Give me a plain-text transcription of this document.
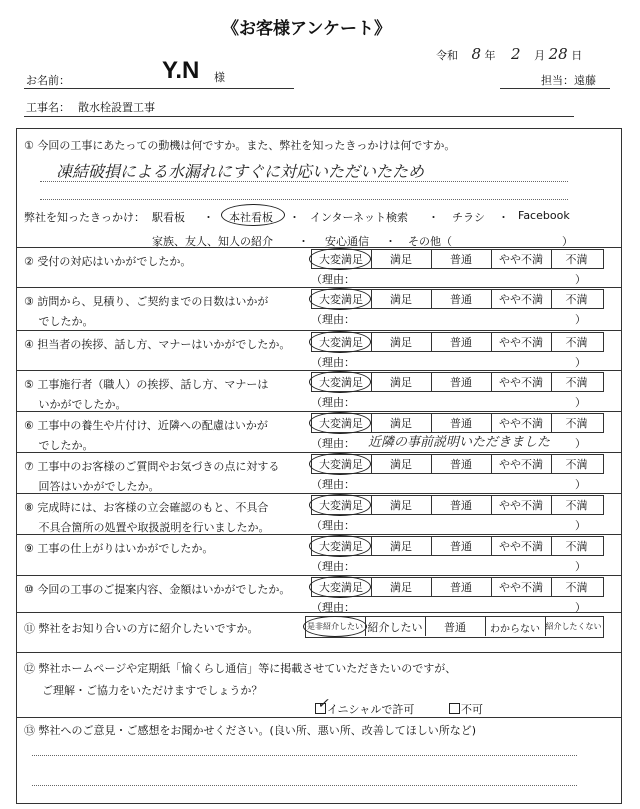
《お客様アンケート》
令和 8 年 2 月 28 日
お名前：	Y.N 様	担当：遠藤
工事名： 散水栓設置工事
① 今回の工事にあたっての動機は何ですか。また、弊社を知ったきっかけは何ですか。
凍結破損による水漏れにすぐに対応いただいたため
弊社を知ったきっかけ： 駅看板 ・ 本社看板 ・ インターネット検索 ・ チラシ ・ Facebook
家族、友人、知人の紹介 ・ 安心通信 ・ その他（	）
② 受付の対応はいかがでしたか。	大変満足	満足	普通	やや不満	不満
（理由：	）
③ 訪問から、見積り、ご契約までの日数はいかが
　 でしたか。
大変満足	満足	普通	やや不満	不満
（理由：	）
④ 担当者の挨拶、話し方、マナーはいかがでしたか。	大変満足	満足	普通	やや不満	不満
（理由：	）
⑤ 工事施行者（職人）の挨拶、話し方、マナーは
　 いかがでしたか。
大変満足	満足	普通	やや不満	不満
（理由：	）
⑥ 工事中の養生や片付け、近隣への配慮はいかが
　 でしたか。
大変満足	満足	普通	やや不満	不満
（理由： 近隣の事前説明いただきました ）
⑦ 工事中のお客様のご質問やお気づきの点に対する
　 回答はいかがでしたか。
大変満足	満足	普通	やや不満	不満
（理由：	）
⑧ 完成時には、お客様の立会確認のもと、不具合
　 不具合箇所の処置や取扱説明を行いましたか。
大変満足	満足	普通	やや不満	不満
（理由：	）
⑨ 工事の仕上がりはいかがでしたか。	大変満足	満足	普通	やや不満	不満
（理由：	）
⑩ 今回の工事のご提案内容、金額はいかがでしたか。	大変満足	満足	普通	やや不満	不満
（理由：	）
⑪ 弊社をお知り合いの方に紹介したいですか。	是非紹介したい 紹介したい	普通	わからない 紹介したくない
⑫ 弊社ホームページや定期紙「愉くらし通信」等に掲載させていただきたいのですが、
ご理解・ご協力をいただけますでしょうか？
✓
イニシャルで許可	不可
⑬ 弊社へのご意見・ご感想をお聞かせください。(良い所、悪い所、改善してほしい所など)
